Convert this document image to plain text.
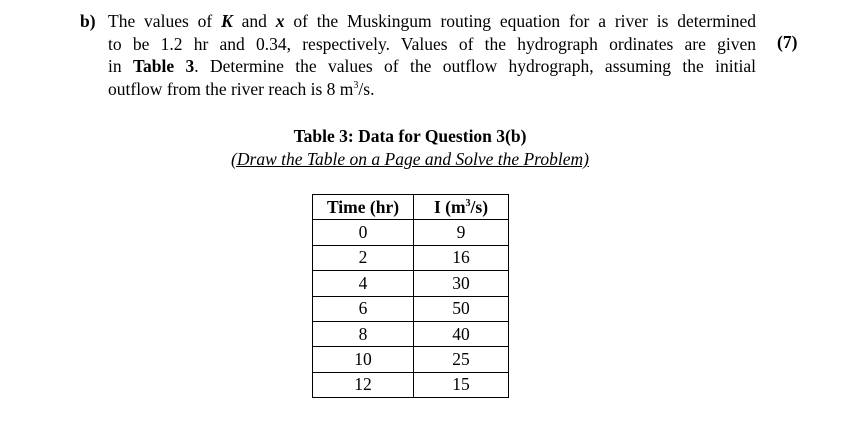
b) The values of K and x of the Muskingum routing equation for a river is determined
to be 1.2 hr and 0.34, respectively. Values of the hydrograph ordinates are given
in Table 3. Determine the values of the outflow hydrograph, assuming the initial
outflow from the river reach is 8 $m^3/s$.
(7)
Table 3: Data for Question 3(b)
(Draw the Table on a Page and Solve the Problem)
Time (hr)	I $(m^3/s)$
0	9
2	16
4	30
6	50
8	40
10	25
12	15
